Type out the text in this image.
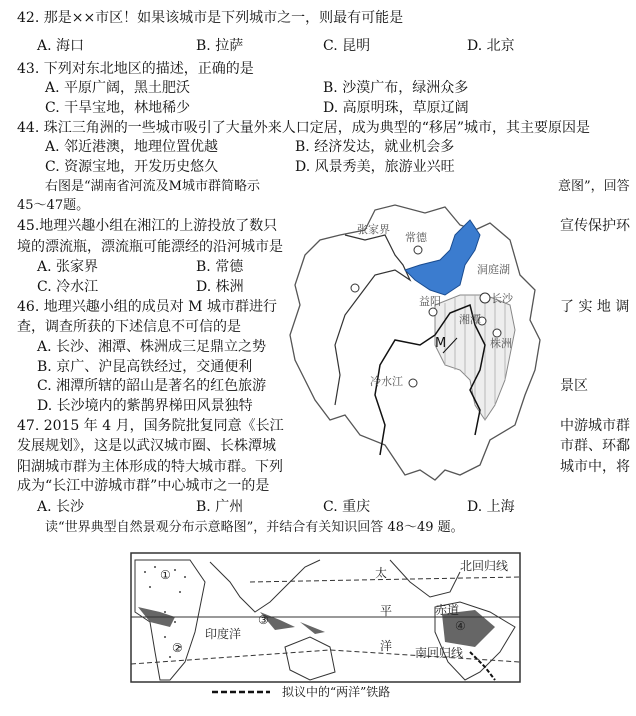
42. 那是××市区！如果该城市是下列城市之一，则最有可能是
A. 海口	B. 拉萨	C. 昆明	D. 北京
43. 下列对东北地区的描述，正确的是
A. 平原广阔，黑土肥沃	B. 沙漠广布，绿洲众多
C. 干旱宝地，林地稀少	D. 高原明珠，草原辽阔
44. 珠江三角洲的一些城市吸引了大量外来人口定居，成为典型的“移居”城市，其主要原因是
A. 邻近港澳，地理位置优越	B. 经济发达，就业机会多
C. 资源宝地，开发历史悠久	D. 风景秀美，旅游业兴旺
右图是“湖南省河流及M城市群简略示	意图”，回答
45～47题。
45.地理兴趣小组在湘江的上游投放了数只	宣传保护环
境的漂流瓶，漂流瓶可能漂经的沿河城市是
A. 张家界	B. 常德
C. 冷水江	D. 株洲
46. 地理兴趣小组的成员对 M 城市群进行	了 实 地 调
查，调查所获的下述信息不可信的是
A. 长沙、湘潭、株洲成三足鼎立之势
B. 京广、沪昆高铁经过，交通便利
C. 湘潭所辖的韶山是著名的红色旅游	景区
D. 长沙境内的紫鹊界梯田风景独特
47. 2015 年 4 月，国务院批复同意《长江	中游城市群
发展规划》，这是以武汉城市圈、长株潭城	市群、环鄱
阳湖城市群为主体形成的特大城市群。下列	城市中，将
成为“长江中游城市群”中心城市之一的是
A. 长沙	B. 广州	C. 重庆	D. 上海
读“世界典型自然景观分布示意略图”，并结合有关知识回答 48～49 题。
张家界
常德
益阳
洞庭湖
长沙
湘潭
株洲
冷水江
M
太
平
洋
印度洋
赤道
北回归线
南回归线
①
②
③	④
拟议中的“两洋”铁路
